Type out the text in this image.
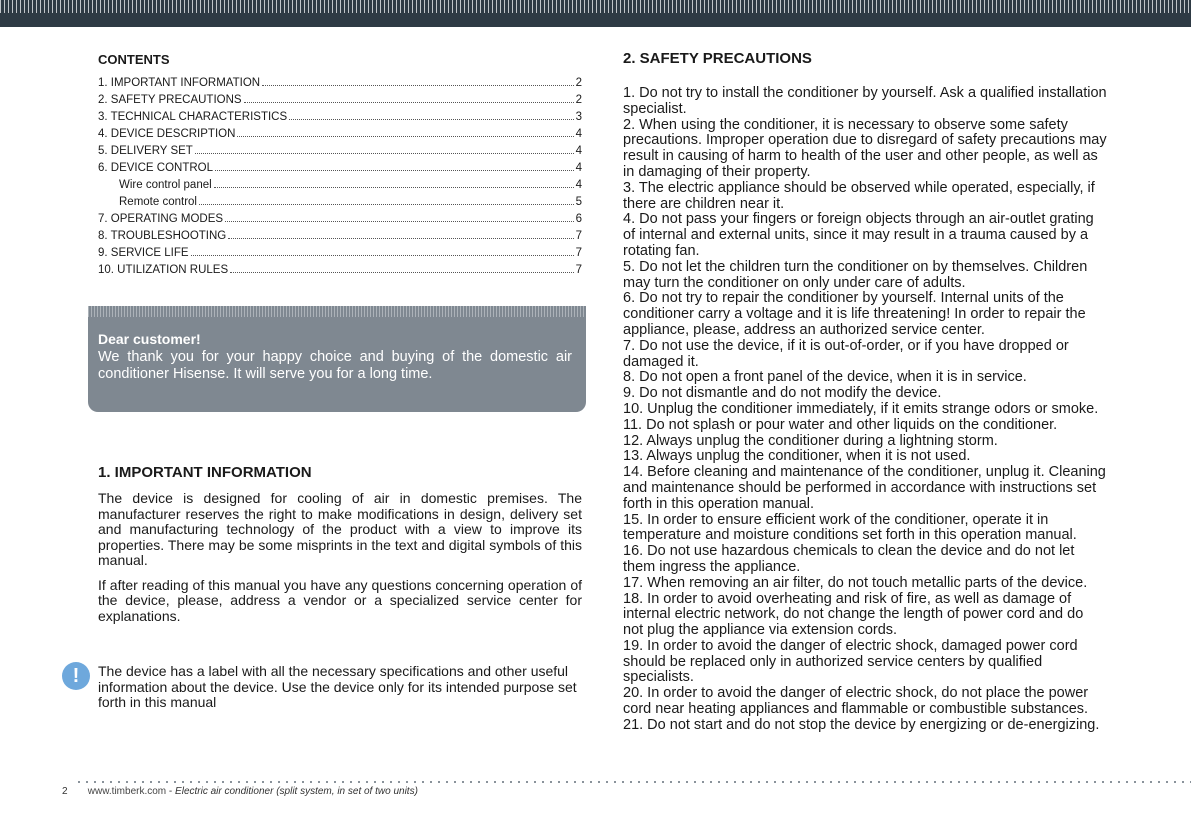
CONTENTS
1. IMPORTANT INFORMATION	2
2. SAFETY PRECAUTIONS	2
3. TECHNICAL CHARACTERISTICS	3
4. DEVICE DESCRIPTION	4
5. DELIVERY SET	4
6. DEVICE CONTROL	4
Wire control panel	4
Remote control	5
7. OPERATING MODES	6
8. TROUBLESHOOTING	7
9. SERVICE LIFE	7
10. UTILIZATION RULES	7
Dear customer!
We thank you for your happy choice and buying of the domestic air conditioner Hisense. It will serve you for a long time.
1. IMPORTANT INFORMATION

The device is designed for cooling of air in domestic premises. The manufacturer reserves the right to make modifications in design, delivery set and manufacturing technology of the product with a view to improve its properties. There may be some misprints in the text and digital symbols of this manual.

If after reading of this manual you have any questions concerning operation of the device, please, address a vendor or a specialized service center for explanations.

!	The device has a label with all the necessary specifications and other useful information about the device. Use the device only for its intended purpose set forth in this manual
2. SAFETY PRECAUTIONS
1. Do not try to install the conditioner by yourself. Ask a qualified installation specialist.
2. When using the conditioner, it is necessary to observe some safety precautions. Improper operation due to disregard of safety precautions may result in causing of harm to health of the user and other people, as well as in damaging of their property.
3. The electric appliance should be observed while operated, especially, if there are children near it.
4. Do not pass your fingers or foreign objects through an air-outlet grating of internal and external units, since it may result in a trauma caused by a rotating fan.
5. Do not let the children turn the conditioner on by themselves. Children may turn the conditioner on only under care of adults.
6. Do not try to repair the conditioner by yourself. Internal units of the conditioner carry a voltage and it is life threatening! In order to repair the appliance, please, address an authorized service center.
7. Do not use the device, if it is out-of-order, or if you have dropped or damaged it.
8. Do not open a front panel of the device, when it is in service.
9. Do not dismantle and do not modify the device.
10. Unplug the conditioner immediately, if it emits strange odors or smoke.
11. Do not splash or pour water and other liquids on the conditioner.
12. Always unplug the conditioner during a lightning storm.
13. Always unplug the conditioner, when it is not used.
14. Before cleaning and maintenance of the conditioner, unplug it. Cleaning and maintenance should be performed in accordance with instructions set forth in this operation manual.
15. In order to ensure efficient work of the conditioner, operate it in temperature and moisture conditions set forth in this operation manual.
16. Do not use hazardous chemicals to clean the device and do not let them ingress the appliance.
17. When removing an air filter, do not touch metallic parts of the device.
18. In order to avoid overheating and risk of fire, as well as damage of internal electric network, do not change the length of power cord and do not plug the appliance via extension cords.
19. In order to avoid the danger of electric shock, damaged power cord should be replaced only in authorized service centers by qualified specialists.
20. In order to avoid the danger of electric shock, do not place the power cord near heating appliances and flammable or combustible substances.
21. Do not start and do not stop the device by energizing or de-energizing.
2 www.timberk.com - Electric air conditioner (split system, in set of two units)
